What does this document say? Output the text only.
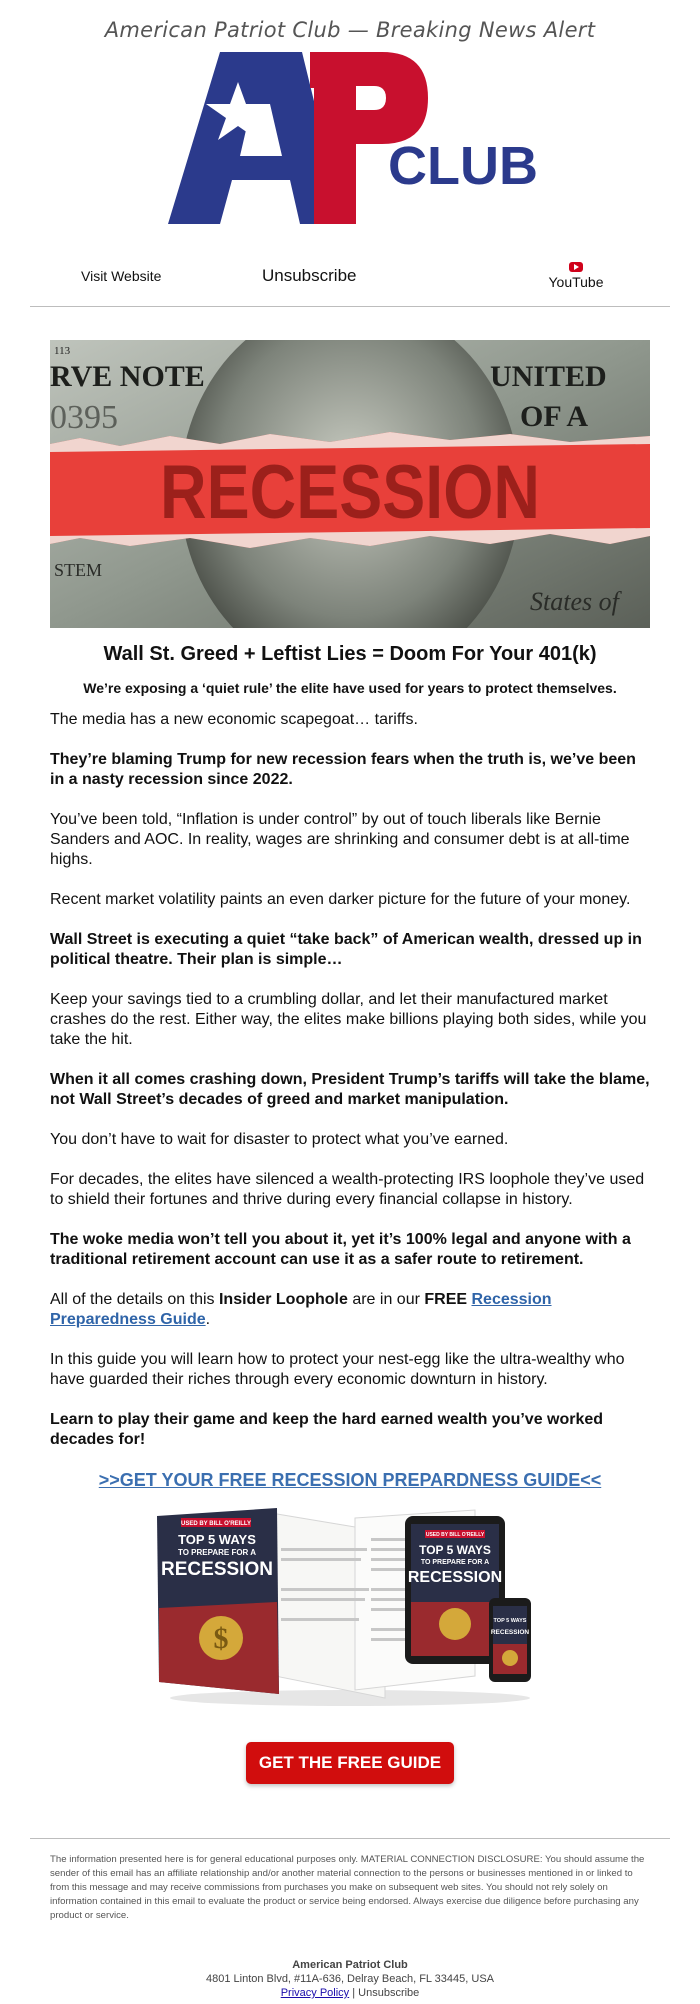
American Patriot Club — Breaking News Alert
CLUB
Visit Website	Unsubscribe	YouTube
113
RVE NOTE
0395
UNITED
OF A
STEM
States of
RECESSION
Wall St. Greed + Leftist Lies = Doom For Your 401(k)
We’re exposing a ‘quiet rule’ the elite have used for years to protect themselves.

The media has a new economic scapegoat… tariffs.

They’re blaming Trump for new recession fears when the truth is, we’ve been in a nasty recession since 2022.

You’ve been told, “Inflation is under control” by out of touch liberals like Bernie Sanders and AOC. In reality, wages are shrinking and consumer debt is at all-time highs.

Recent market volatility paints an even darker picture for the future of your money.

Wall Street is executing a quiet “take back” of American wealth, dressed up in political theatre. Their plan is simple…

Keep your savings tied to a crumbling dollar, and let their manufactured market crashes do the rest. Either way, the elites make billions playing both sides, while you take the hit.

When it all comes crashing down, President Trump’s tariffs will take the blame, not Wall Street’s decades of greed and market manipulation.

You don’t have to wait for disaster to protect what you’ve earned.

For decades, the elites have silenced a wealth-protecting IRS loophole they’ve used to shield their fortunes and thrive during every financial collapse in history.

The woke media won’t tell you about it, yet it’s 100% legal and anyone with a traditional retirement account can use it as a safer route to retirement.

All of the details on this Insider Loophole are in our FREE Recession Preparedness Guide.

In this guide you will learn how to protect your nest-egg like the ultra-wealthy who have guarded their riches through every economic downturn in history.

Learn to play their game and keep the hard earned wealth you’ve worked decades for!

>>GET YOUR FREE RECESSION PREPARDNESS GUIDE<<
USED BY BILL O'REILLY
TOP 5 WAYS
TO PREPARE FOR A
RECESSION
$
USED BY BILL O'REILLY
TOP 5 WAYS
TO PREPARE FOR A
RECESSION
TOP 5 WAYS
RECESSION
GET THE FREE GUIDE
The information presented here is for general educational purposes only. MATERIAL CONNECTION DISCLOSURE: You should assume the sender of this email has an affiliate relationship and/or another material connection to the persons or businesses mentioned in or linked to from this message and may receive commissions from purchases you make on subsequent web sites. You should not rely solely on information contained in this email to evaluate the product or service being endorsed. Always exercise due diligence before purchasing any product or service.
American Patriot Club
4801 Linton Blvd, #11A-636, Delray Beach, FL 33445, USA
Privacy Policy | Unsubscribe
